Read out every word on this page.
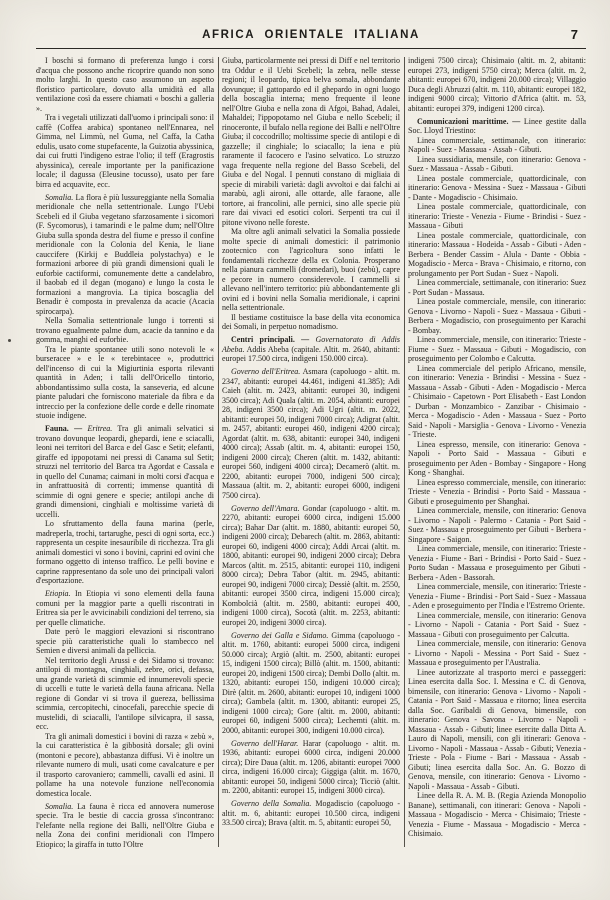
AFRICA ORIENTALE ITALIANA	7

I boschi si formano di preferenza lungo i corsi d'acqua che possono anche ricoprire quando non sono molto larghi. In questo caso assumono un aspetto floristico particolare, dovuto alla umidità ed alla ventilazione così da essere chiamati « boschi a galleria ».

Tra i vegetali utilizzati dall'uomo i principali sono: il caffè (Coffea arabica) spontaneo nell'Ennarea, nel Gimma, nel Limmù, nel Guma, nel Caffa, la Catha edulis, usato come stupefacente, la Guizotia abyssinica, dai cui frutti l'indigeno estrae l'olio; il teff (Eragrostis abyssinica), cereale importante per la panificazione locale; il dagussa (Eleusine tocusso), usato per fare birra ed acquavite, ecc.

Somalia. La flora è più lussureggiante nella Somalia meridionale che nella settentrionale. Lungo l'Uebi Scebeli ed il Giuba vegetano sfarzosamente i sicomori (F. Sycomorus), i tamarindi e le palme dum; nell'Oltre Giuba sulla sponda destra del fiume e presso il confine meridionale con la Colonia del Kenia, le liane cauccifere (Kirkij e Buddleia polystachya) e le formazioni arboree di più grandi dimensioni quali le euforbie cactiformi, comunemente dette a candelabro, il baobab ed il degan (mogano) e lungo la costa le formazioni a mangrovia. La tipica boscaglia del Benadir è composta in prevalenza da acacie (Acacia spirocarpa).

Nella Somalia settentrionale lungo i torrenti si trovano egualmente palme dum, acacie da tannino e da gomma, manghi ed euforbie.

Tra le piante spontanee utili sono notevoli le « burseracee » e le « terebintacee », produttrici dell'incenso di cui la Migiurtinia esporta rilevanti quantità in Aden; i talli dell'Oricello tintorio, abbondantissimo sulla costa, la sanseveria, ed alcune piante paludari che forniscono materiale da fibra e da intreccio per la confezione delle corde e delle rinomate stuoie indigene.

Fauna. — Eritrea. Tra gli animali selvatici si trovano dovunque leopardi, ghepardi, iene e sciacalli, leoni nei territori del Barca e del Gasc e Setit; elefanti, giraffe ed ippopotami nei pressi di Canama sul Setit; struzzi nel territorio del Barca tra Agordat e Cassala e in quello del Cunama; caimani in molti corsi d'acqua e in anfrattuosità di correnti; immense quantità di scimmie di ogni genere e specie; antilopi anche di grandi dimensioni, cinghiali e moltissime varietà di uccelli.

Lo sfruttamento della fauna marina (perle, madreperla, trochi, tartarughe, pesci di ogni sorta, ecc.) rappresenta un cespite inesauribile di ricchezza. Tra gli animali domestici vi sono i bovini, caprini ed ovini che formano oggetto di intenso traffico. Le pelli bovine e caprine rappresentano da sole uno dei principali valori d'esportazione.

Etiopia. In Etiopia vi sono elementi della fauna comuni per la maggior parte a quelli riscontrati in Eritrea sia per le avvicinabili condizioni del terreno, sia per quelle climatiche.

Date però le maggiori elevazioni si riscontrano specie più caratteristiche quali lo stambecco nel Semien e diversi animali da pelliccia.

Nel territorio degli Arussi e dei Sidamo si trovano: antilopi di montagna, cinghiali, zebre, orici, defassa, una grande varietà di scimmie ed innumerevoli specie di uccelli e tutte le varietà della fauna africana. Nella regione di Gondar vi si trova il guereza, bellissima scimmia, cercopitechi, cinocefali, parecchie specie di mustelidi, di sciacalli, l'antilope silvicapra, il sassa, ecc.

Tra gli animali domestici i bovini di razza « zebù », la cui caratteristica è la gibbosità dorsale; gli ovini (montoni e pecore), abbastanza diffusi. Vi è inoltre un rilevante numero di muli, usati come cavalcature e per il trasporto carovaniero; cammelli, cavalli ed asini. Il pollame ha una notevole funzione nell'economia domestica locale.

Somalia. La fauna è ricca ed annovera numerose specie. Tra le bestie di caccia grossa s'incontrano: l'elefante nella regione dei Balli, nell'Oltre Giuba e nella Zona dei confini meridionali con l'Impero Etiopico; la giraffa in tutto l'Oltre

Giuba, particolarmente nei pressi di Diff e nel territorio tra Oddur e il Uebi Scebeli; la zebra, nelle stesse regioni; il leopardo, tipica belva somala, abbondante dovunque; il gattopardo ed il ghepardo in ogni luogo della boscaglia interna; meno frequente il leone nell'Oltre Giuba e nella zona di Afgoi, Bahad, Adalei, Mahaldei; l'ippopotamo nel Giuba e nello Scebeli; il rinoceronte, il bufalo nella regione dei Balli e nell'Oltre Giuba; il coccodrillo; moltissime specie di antilopi e di gazzelle; il cinghiale; lo sciacallo; la iena e più raramente il facocero e l'asino selvatico. Lo struzzo vaga frequente nella regione del Basso Scebeli, del Giuba e del Nogal. I pennuti constano di migliaia di specie di mirabili varietà: dagli avvoltoi e dai falchi ai marabù, agli aironi, alle ottarde, alle faraone, alle tortore, ai francolini, alle pernici, sino alle specie più rare dai vivaci ed esotici colori. Serpenti tra cui il pitone vivono nelle foreste.

Ma oltre agli animali selvatici la Somalia possiede molte specie di animali domestici: il patrimonio zootecnico con l'agricoltura sono infatti le fondamentali ricchezze della ex Colonia. Prosperano nella pianura cammelli (dromedari), buoi (zebù), capre e pecore in numero considerevole. I cammelli si allevano nell'intero territorio: più abbondantemente gli ovini ed i bovini nella Somalia meridionale, i caprini nella settentrionale.

Il bestiame costituisce la base della vita economica dei Somali, in perpetuo nomadismo.

Centri principali. — Governatorato di Addis Abeba. Addis Abeba (capitale. Altit. m. 2640, abitanti: europei 17.500 circa, indigeni 150.000 circa).

Governo dell'Eritrea. Asmara (capoluogo - altit. m. 2347, abitanti: europei 44.461, indigeni 41.385); Adi Caieh (altit. m. 2423, abitanti: europei 30, indigeni 3500 circa); Adi Quala (altit. m. 2054, abitanti: europei 28, indigeni 3500 circa); Adi Ugri (altit. m. 2022, abitanti: europei 50, indigeni 7000 circa); Adigrat (altit. m. 2457, abitanti: europei 460, indigeni 4200 circa); Agordat (altit. m. 638, abitanti: europei 340, indigeni 4000 circa); Assab (altit. m. 4, abitanti: europei 150, indigeni 2000 circa); Cheren (altit. m. 1432, abitanti: europei 560, indigeni 4000 circa); Decamerò (altit. m. 2200, abitanti: europei 7000, indigeni 500 circa); Massaua (altit. m. 2, abitanti: europei 6000, indigeni 7500 circa).

Governo dell'Amara. Gondar (capoluogo - altit. m. 2270, abitanti: europei 6000 circa, indigeni 15.000 circa); Bahar Dar (altit. m. 1880, abitanti: europei 50, indigeni 2000 circa); Debarech (altit. m. 2863, abitanti: europei 60, indigeni 4000 circa); Addi Arcai (altit. m. 1800, abitanti: europei 90, indigeni 2000 circa); Debra Marcos (altit. m. 2515, abitanti: europei 110, indigeni 8000 circa); Debra Tabor (altit. m. 2945, abitanti: europei 90, indigeni 7000 circa); Dessiè (altit. m. 2550, abitanti: europei 3500 circa, indigeni 15.000 circa); Kombolcià (altit. m. 2580, abitanti: europei 400, indigeni 1000 circa), Socotà (altit. m. 2253, abitanti: europei 20, indigeni 3000 circa).

Governo dei Galla e Sidamo. Gimma (capoluogo - altit. m. 1760, abitanti: europei 5000 circa, indigeni 50.000 circa); Argiò (altit. m. 2500, abitanti: europei 15, indigeni 1500 circa); Billò (altit. m. 1500, abitanti: europei 20, indigeni 1500 circa); Dembi Dollo (altit. m. 1320, abitanti: europei 150, indigeni 10.000 circa); Dirè (altit. m. 2600, abitanti: europei 10, indigeni 1000 circa); Gambela (altit. m. 1300, abitanti: europei 25, indigeni 1000 circa); Gore (altit. m. 2000, abitanti: europei 60, indigeni 5000 circa); Lechemti (altit. m. 2000, abitanti: europei 300, indigeni 10.000 circa).

Governo dell'Harar. Harar (capoluogo - altit. m. 1936, abitanti: europei 6000 circa, indigeni 20.000 circa); Dire Daua (altit. m. 1206, abitanti: europei 7000 circa, indigeni 16.000 circa); Giggiga (altit. m. 1670, abitanti: europei 50, indigeni 5000 circa); Ticciò (altit. m. 2200, abitanti: europei 15, indigeni 3000 circa).

Governo della Somalia. Mogadiscio (capoluogo - altit. m. 6, abitanti: europei 10.500 circa, indigeni 33.500 circa); Brava (altit. m. 5, abitanti: europei 50,

indigeni 7500 circa); Chisimaio (altit. m. 2, abitanti: europei 273, indigeni 5750 circa); Merca (altit. m. 2, abitanti: europei 670, indigeni 20.000 circa); Villaggio Duca degli Abruzzi (altit. m. 110, abitanti: europei 182, indigeni 9000 circa); Vittorio d'Africa (altit. m. 53, abitanti: europei 379, indigeni 1200 circa).

Comunicazioni marittime. — Linee gestite dalla Soc. Lloyd Triestino:

Linea commerciale, settimanale, con itinerario: Napoli - Suez - Massaua - Assab - Gibuti.

Linea sussidiaria, mensile, con itinerario: Genova - Suez - Massaua - Assab - Gibuti.

Linea postale commerciale, quattordicinale, con itinerario: Genova - Messina - Suez - Massaua - Gibuti - Dante - Mogadiscio - Chisimaio.

Linea postale commerciale, quattordicinale, con itinerario: Trieste - Venezia - Fiume - Brindisi - Suez - Massaua - Gibuti

Linea postale commerciale, quattordicinale, con itinerario: Massaua - Hodeida - Assab - Gibuti - Aden - Berbera - Bender Cassim - Alula - Dante - Obbia - Mogadiscio - Merca - Brava - Chisimaio, e ritorno, con prolungamento per Port Sudan - Suez - Napoli.

Linea commerciale, settimanale, con itinerario: Suez - Port Sudan - Massaua.

Linea postale commerciale, mensile, con itinerario: Genova - Livorno - Napoli - Suez - Massaua - Gibuti - Berbera - Mogadiscio, con proseguimento per Karachi - Bombay.

Linea commerciale, mensile, con itinerario: Trieste - Fiume - Suez - Massaua - Gibuti - Mogadiscio, con proseguimento per Colombo e Calcutta.

Linea commerciale del periplo Africano, mensile, con itinerario: Venezia - Brindisi - Messina - Suez - Massaua - Assab - Gibuti - Aden - Mogadiscio - Merca - Chisimaio - Capetown - Port Elisabeth - East London - Durban - Monzambico - Zanzibar - Chisimaio - Merca - Mogadiscio - Aden - Massaua - Suez - Porto Said - Napoli - Marsiglia - Genova - Livorno - Venezia - Trieste.

Linea espresso, mensile, con itinerario: Genova - Napoli - Porto Said - Massaua - Gibuti e proseguimento per Aden - Bombay - Singapore - Hong Kong - Shanghai.

Linea espresso commerciale, mensile, con itinerario: Trieste - Venezia - Brindisi - Porto Said - Massaua - Gibuti e proseguimento per Shanghai.

Linea commerciale, mensile, con itinerario: Genova - Livorno - Napoli - Palermo - Catania - Port Said - Suez - Massaua e proseguimento per Gibuti - Berbera - Singapore - Saigon.

Linea commerciale, mensile, con itinerario: Trieste - Venezia - Fiume - Bari - Brindisi - Porto Said - Suez - Porto Sudan - Massaua e proseguimento per Gibuti - Berbera - Aden - Bassorah.

Linea commerciale, mensile, con itinerario: Trieste - Venezia - Fiume - Brindisi - Port Said - Suez - Massaua - Aden e proseguimento per l'India e l'Estremo Oriente.

Linea commerciale, mensile, con itinerario: Genova - Livorno - Napoli - Catania - Port Said - Suez - Massaua - Gibuti con proseguimento per Calcutta.

Linea commerciale, mensile, con itinerario: Genova - Livorno - Napoli - Messina - Port Said - Suez - Massaua e proseguimento per l'Australia.

Linee autorizzate al trasporto merci e passeggeri: Linea esercita dalla Soc. I. Messina e C. di Genova, bimensile, con itinerario: Genova - Livorno - Napoli - Catania - Port Said - Massaua e ritorno; linea esercita dalla Soc. Garibaldi di Genova, bimensile, con itinerario: Genova - Savona - Livorno - Napoli - Massaua - Assab - Gibuti; linee esercite dalla Ditta A. Lauro di Napoli, mensili, con gli itinerari: Genova - Livorno - Napoli - Massaua - Assab - Gibuti; Venezia - Trieste - Pola - Fiume - Bari - Massaua - Assab - Gibuti; linea esercita dalla Soc. An. G. Bozzo di Genova, mensile, con itinerario: Genova - Livorno - Napoli - Massaua - Assab - Gibuti.

Linee della R. A. M. B. (Regia Azienda Monopolio Banane), settimanali, con itinerari: Genova - Napoli - Massaua - Mogadiscio - Merca - Chisimaio; Trieste - Venezia - Fiume - Massaua - Mogadiscio - Merca - Chisimaio.
